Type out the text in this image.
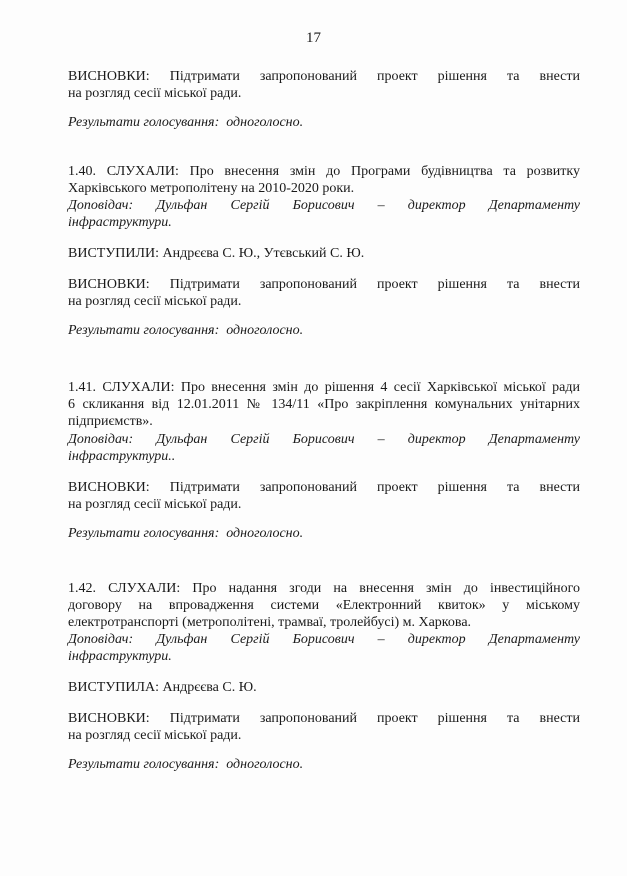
17
ВИСНОВКИ: Підтримати запропонований проект рішення та внести
на розгляд сесії міської ради.
Результати голосування: одноголосно.
1.40. СЛУХАЛИ: Про внесення змін до Програми будівництва та розвитку
Харківського метрополітену на 2010-2020 роки.
Доповідач: Дульфан Сергій Борисович – директор Департаменту
інфраструктури.
ВИСТУПИЛИ: Андрєєва С. Ю., Утєвський С. Ю.
ВИСНОВКИ: Підтримати запропонований проект рішення та внести
на розгляд сесії міської ради.
Результати голосування: одноголосно.
1.41. СЛУХАЛИ: Про внесення змін до рішення 4 сесії Харківської міської ради
6 скликання від 12.01.2011 № 134/11 «Про закріплення комунальних унітарних
підприємств».
Доповідач: Дульфан Сергій Борисович – директор Департаменту
інфраструктури..
ВИСНОВКИ: Підтримати запропонований проект рішення та внести
на розгляд сесії міської ради.
Результати голосування: одноголосно.
1.42. СЛУХАЛИ: Про надання згоди на внесення змін до інвестиційного
договору на впровадження системи «Електронний квиток» у міському
електротранспорті (метрополітені, трамваї, тролейбусі) м. Харкова.
Доповідач: Дульфан Сергій Борисович – директор Департаменту
інфраструктури.
ВИСТУПИЛА: Андрєєва С. Ю.
ВИСНОВКИ: Підтримати запропонований проект рішення та внести
на розгляд сесії міської ради.
Результати голосування: одноголосно.
